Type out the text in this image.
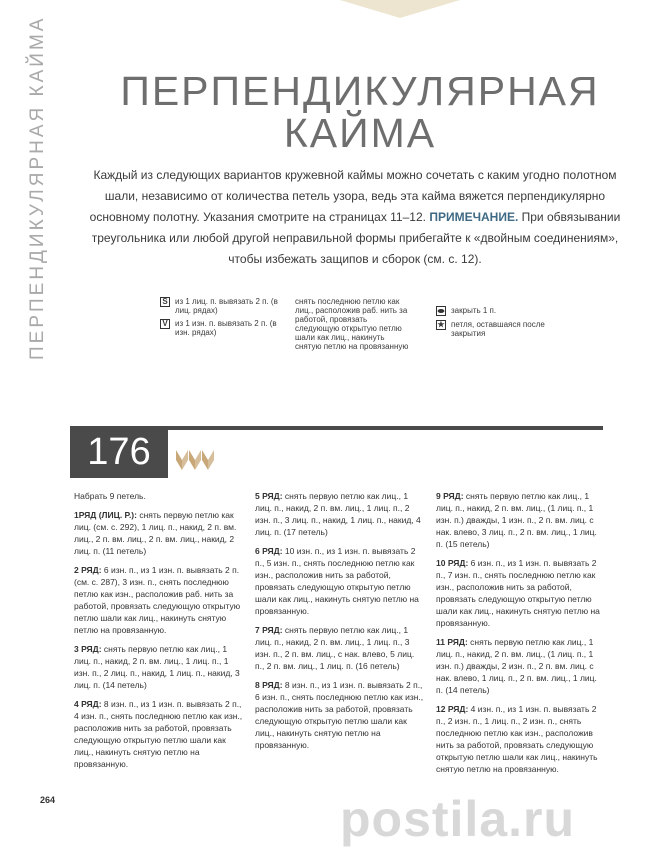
ПЕРПЕНДИКУЛЯРНАЯ КАЙМА	ПЕРПЕНДИКУЛЯРНАЯ
КАЙМА
Каждый из следующих вариантов кружевной каймы можно сочетать с каким угодно полотном шали, независимо от количества петель узора, ведь эта кайма вяжется перпендикулярно основному полотну. Указания смотрите на страницах 11–12. ПРИМЕЧАНИЕ. При обвязывании треугольника или любой другой неправильной формы прибегайте к «двойным соединениям», чтобы избежать защипов и сборок (см. с. 12).
S из 1 лиц. п. вывязать 2 п. (в лиц. рядах)
V из 1 изн. п. вывязать 2 п. (в изн. рядах)
снять последнюю петлю как лиц., расположив раб. нить за работой, провязать следующую открытую петлю шали как лиц., накинуть снятую петлю на провязанную
закрыть 1 п.
★ петля, оставшаяся после закрытия
176

Набрать 9 петель.

1РЯД (ЛИЦ. Р.): снять первую петлю как лиц. (см. с. 292), 1 лиц. п., накид, 2 п. вм. лиц., 2 п. вм. лиц., 2 п. вм. лиц., накид, 2 лиц. п. (11 петель)

2 РЯД: 6 изн. п., из 1 изн. п. вывязать 2 п. (см. с. 287), 3 изн. п., снять последнюю петлю как изн., расположив раб. нить за работой, провязать следующую открытую петлю шали как лиц., накинуть снятую петлю на провязанную.

3 РЯД: снять первую петлю как лиц., 1 лиц. п., накид, 2 п. вм. лиц., 1 лиц. п., 1 изн. п., 2 лиц. п., накид, 1 лиц. п., накид, 3 лиц. п. (14 петель)

4 РЯД: 8 изн. п., из 1 изн. п. вывязать 2 п., 4 изн. п., снять последнюю петлю как изн., расположив нить за работой, провязать следующую открытую петлю шали как лиц., накинуть снятую петлю на провязанную.

5 РЯД: снять первую петлю как лиц., 1 лиц. п., накид, 2 п. вм. лиц., 1 лиц. п., 2 изн. п., 3 лиц. п., накид, 1 лиц. п., накид, 4 лиц. п. (17 петель)

6 РЯД: 10 изн. п., из 1 изн. п. вывязать 2 п., 5 изн. п., снять последнюю петлю как изн., расположив нить за работой, провязать следующую открытую петлю шали как лиц., накинуть снятую петлю на провязанную.

7 РЯД: снять первую петлю как лиц., 1 лиц. п., накид, 2 п. вм. лиц., 1 лиц. п., 3 изн. п., 2 п. вм. лиц., с нак. влево, 5 лиц. п., 2 п. вм. лиц., 1 лиц. п. (16 петель)

8 РЯД: 8 изн. п., из 1 изн. п. вывязать 2 п., 6 изн. п., снять последнюю петлю как изн., расположив нить за работой, провязать следующую открытую петлю шали как лиц., накинуть снятую петлю на провязанную.

9 РЯД: снять первую петлю как лиц., 1 лиц. п., накид, 2 п. вм. лиц., (1 лиц. п., 1 изн. п.) дважды, 1 изн. п., 2 п. вм. лиц. с нак. влево, 3 лиц. п., 2 п. вм. лиц., 1 лиц. п. (15 петель)

10 РЯД: 6 изн. п., из 1 изн. п. вывязать 2 п., 7 изн. п., снять последнюю петлю как изн., расположив нить за работой, провязать следующую открытую петлю шали как лиц., накинуть снятую петлю на провязанную.

11 РЯД: снять первую петлю как лиц., 1 лиц. п., накид, 2 п. вм. лиц., (1 лиц. п., 1 изн. п.) дважды, 2 изн. п., 2 п. вм. лиц. с нак. влево, 1 лиц. п., 2 п. вм. лиц., 1 лиц. п. (14 петель)

12 РЯД: 4 изн. п., из 1 изн. п. вывязать 2 п., 2 изн. п., 1 лиц. п., 2 изн. п., снять последнюю петлю как изн., расположив нить за работой, провязать следующую открытую петлю шали как лиц., накинуть снятую петлю на провязанную.

264	postila.ru
